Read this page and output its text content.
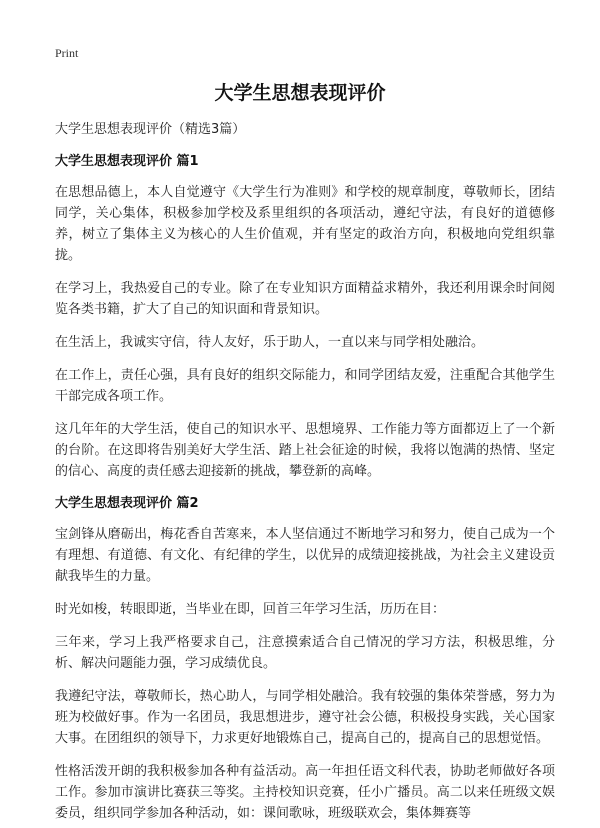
Print
大学生思想表现评价

大学生思想表现评价（精选3篇）

大学生思想表现评价 篇1

在思想品德上，本人自觉遵守《大学生行为准则》和学校的规章制度，尊敬师长，团结同学，关心集体，积极参加学校及系里组织的各项活动，遵纪守法，有良好的道德修养，树立了集体主义为核心的人生价值观，并有坚定的政治方向，积极地向党组织靠拢。

在学习上，我热爱自己的专业。除了在专业知识方面精益求精外，我还利用课余时间阅览各类书籍，扩大了自己的知识面和背景知识。

在生活上，我诚实守信，待人友好，乐于助人，一直以来与同学相处融洽。

在工作上，责任心强，具有良好的组织交际能力，和同学团结友爱，注重配合其他学生干部完成各项工作。

这几年年的大学生活，使自己的知识水平、思想境界、工作能力等方面都迈上了一个新的台阶。在这即将告别美好大学生活、踏上社会征途的时候，我将以饱满的热情、坚定的信心、高度的责任感去迎接新的挑战，攀登新的高峰。

大学生思想表现评价 篇2

宝剑锋从磨砺出，梅花香自苦寒来，本人坚信通过不断地学习和努力，使自己成为一个有理想、有道德、有文化、有纪律的学生，以优异的成绩迎接挑战，为社会主义建设贡献我毕生的力量。

时光如梭，转眼即逝，当毕业在即，回首三年学习生活，历历在目：

三年来，学习上我严格要求自己，注意摸索适合自己情况的学习方法，积极思维，分析、解决问题能力强，学习成绩优良。

我遵纪守法，尊敬师长，热心助人，与同学相处融洽。我有较强的集体荣誉感，努力为班为校做好事。作为一名团员，我思想进步，遵守社会公德，积极投身实践，关心国家大事。在团组织的领导下，力求更好地锻炼自己，提高自己的，提高自己的思想觉悟。

性格活泼开朗的我积极参加各种有益活动。高一年担任语文科代表，协助老师做好各项工作。参加市演讲比赛获三等奖。主持校知识竞赛，任小广播员。高二以来任班级文娱委员，组织同学参加各种活动，如：课间歌咏，班级联欢会，集体舞赛等
